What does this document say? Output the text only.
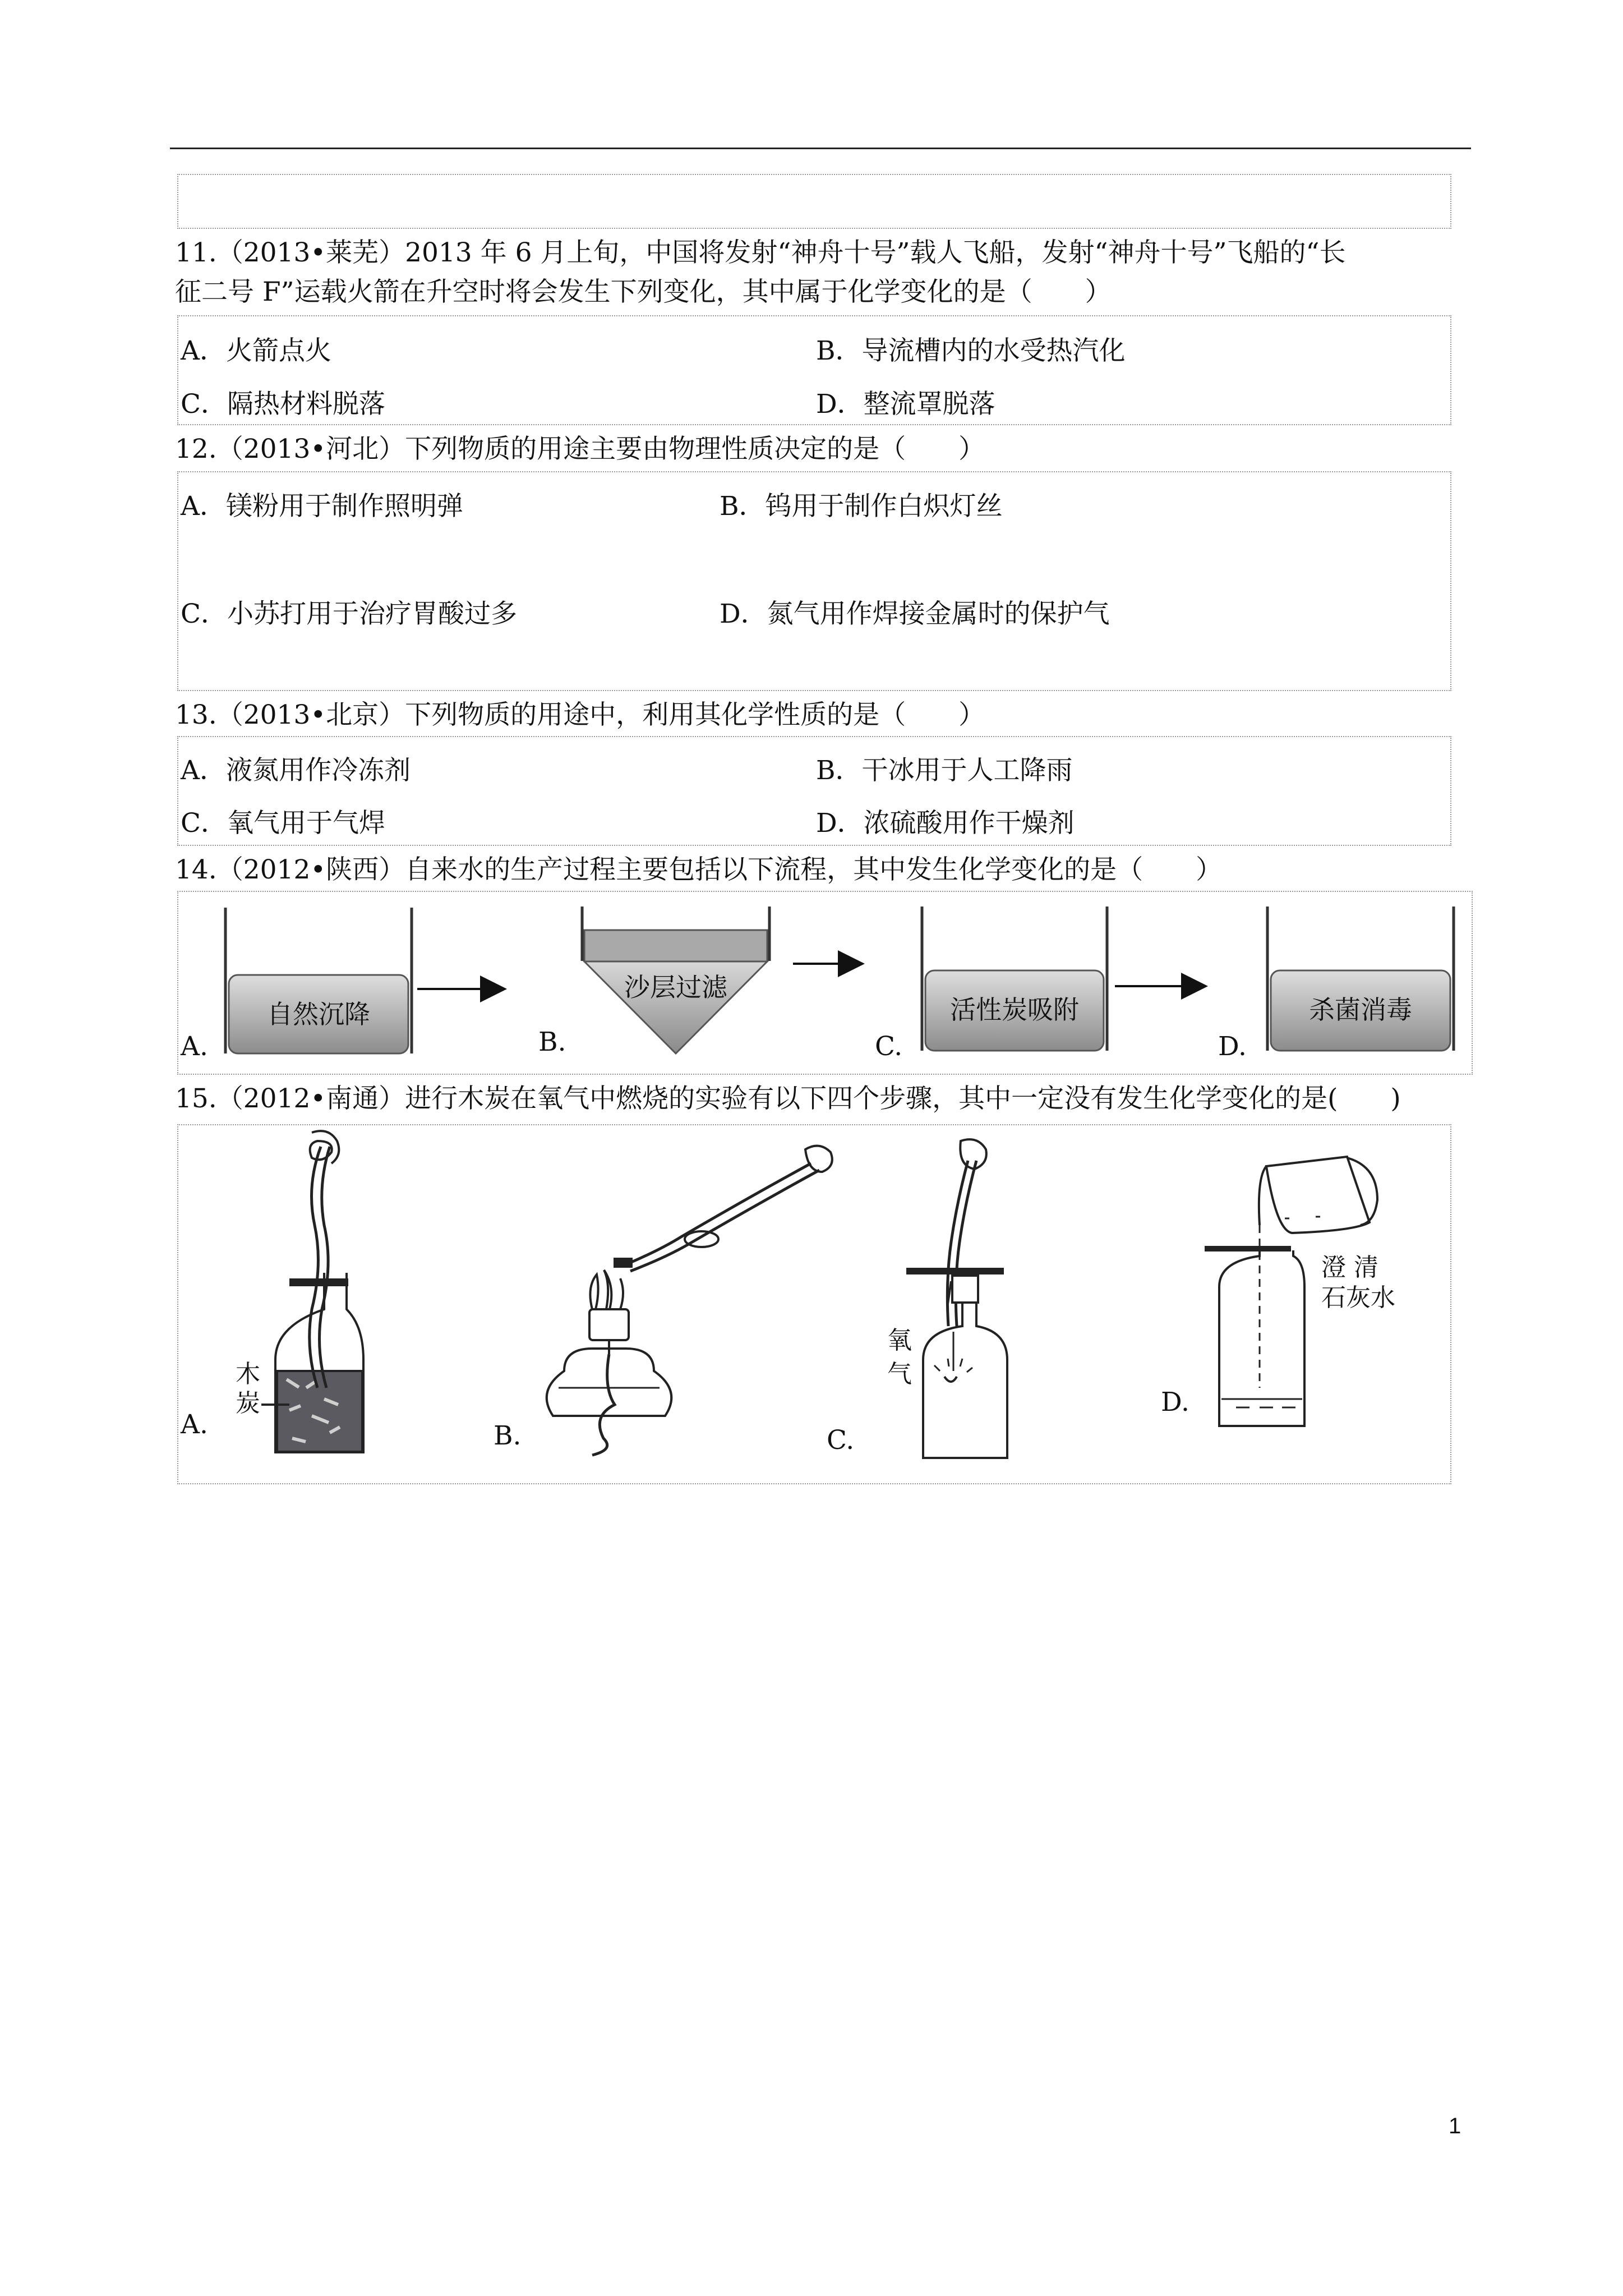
11.（2013•莱芜）2013 年 6 月上旬，中国将发射“神舟十号”载人飞船，发射“神舟十号”飞船的“长
征二号 F”运载火箭在升空时将会发生下列变化，其中属于化学变化的是（　　）
A．火箭点火	B．导流槽内的水受热汽化
C．隔热材料脱落	D．整流罩脱落
12.（2013•河北）下列物质的用途主要由物理性质决定的是（　　）
A．镁粉用于制作照明弹	B．钨用于制作白炽灯丝
C．小苏打用于治疗胃酸过多	D．氮气用作焊接金属时的保护气
13.（2013•北京）下列物质的用途中，利用其化学性质的是（　　）
A．液氮用作冷冻剂	B．干冰用于人工降雨
C．氧气用于气焊	D．浓硫酸用作干燥剂
14.（2012•陕西）自来水的生产过程主要包括以下流程，其中发生化学变化的是（　　）
自然沉降
沙层过滤
活性炭吸附	杀菌消毒
A.	B.	C.	D.
15.（2012•南通）进行木炭在氧气中燃烧的实验有以下四个步骤，其中一定没有发生化学变化的是(　　)
木
炭
氧
气
澄 清
石灰水
A.	B.	C.
D.
1
